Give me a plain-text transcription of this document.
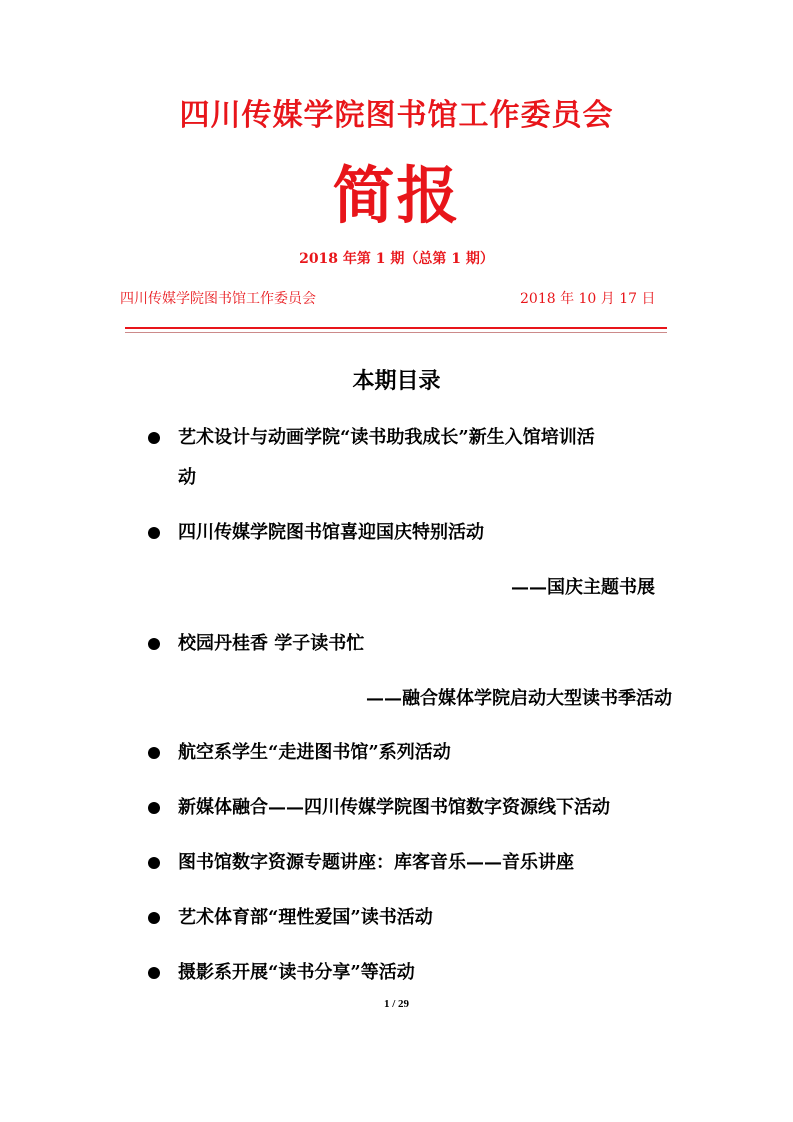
四川传媒学院图书馆工作委员会
简报
2018 年第 1 期（总第 1 期）
四川传媒学院图书馆工作委员会	2018 年 10 月 17 日
本期目录
艺术设计与动画学院“读书助我成长”新生入馆培训活
动
四川传媒学院图书馆喜迎国庆特别活动
——国庆主题书展
校园丹桂香 学子读书忙
——融合媒体学院启动大型读书季活动
航空系学生“走进图书馆”系列活动
新媒体融合——四川传媒学院图书馆数字资源线下活动
图书馆数字资源专题讲座：库客音乐——音乐讲座
艺术体育部“理性爱国”读书活动
摄影系开展“读书分享”等活动
1 / 29
